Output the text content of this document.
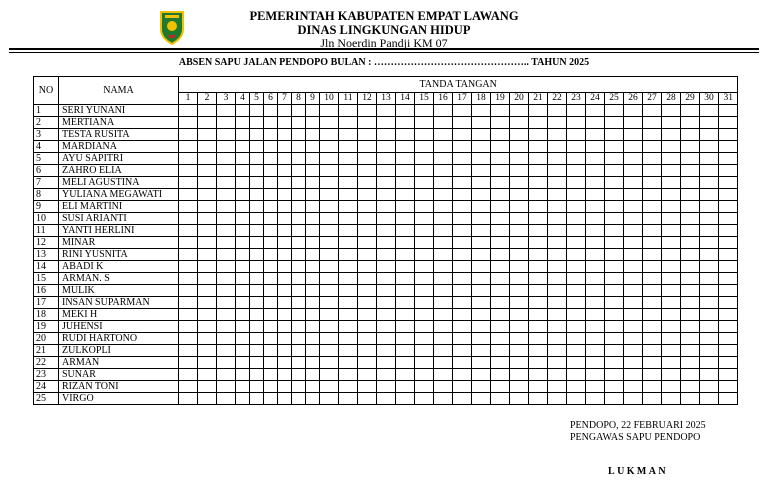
PEMERINTAH KABUPATEN EMPAT LAWANG
DINAS LINGKUNGAN HIDUP
Jln Noerdin Pandji KM 07
ABSEN SAPU JALAN PENDOPO BULAN : ……………………………………….. TAHUN 2025
NO	NAMA	TANDA TANGAN																														
		1	2	3	4	5	6	7	8	9	10	11	12	13	14	15	16	17	18	19	20	21	22	23	24	25	26	27	28	29	30	31
1	SERI YUNANI																															
2	MERTIANA																															
3	TESTA RUSITA																															
4	MARDIANA																															
5	AYU SAPITRI																															
6	ZAHRO ELIA																															
7	MELI AGUSTINA																															
8	YULIANA MEGAWATI																															
9	ELI MARTINI																															
10	SUSI ARIANTI																															
11	YANTI HERLINI																															
12	MINAR																															
13	RINI YUSNITA																															
14	ABADI K																															
15	ARMAN. S																															
16	MULIK																															
17	INSAN SUPARMAN																															
18	MEKI H																															
19	JUHENSI																															
20	RUDI HARTONO																															
21	ZULKOPLI																															
22	ARMAN																															
23	SUNAR																															
24	RIZAN TONI																															
25	VIRGO																															
PENDOPO, 22 FEBRUARI 2025
PENGAWAS SAPU PENDOPO
LUKMAN
